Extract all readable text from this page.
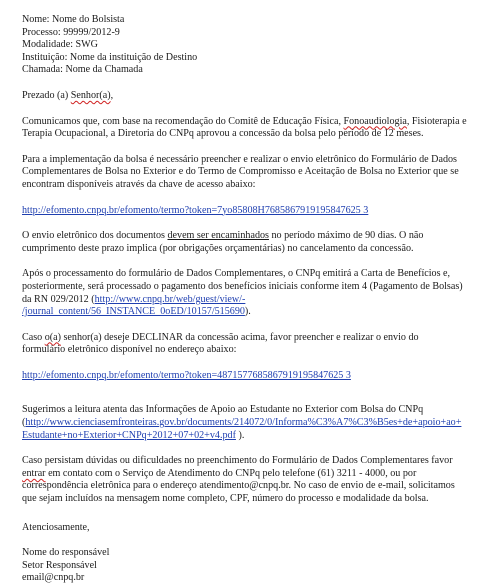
Nome: Nome do Bolsista
Processo: 99999/2012-9
Modalidade: SWG
Instituição: Nome da instituição de Destino
Chamada: Nome da Chamada
Prezado (a) Senhor(a),
Comunicamos que, com base na recomendação do Comitê de Educação Física, Fonoaudiologia, Fisioterapia e
Terapia Ocupacional, a Diretoria do CNPq aprovou a concessão da bolsa pelo período de 12 meses.
Para a implementação da bolsa é necessário preencher e realizar o envio eletrônico do Formulário de Dados
Complementares de Bolsa no Exterior e do Termo de Compromisso e Aceitação de Bolsa no Exterior que se
encontram disponíveis através da chave de acesso abaixo:
http://efomento.cnpq.br/efomento/termo?token=7yo85808H7685867919195847625 3
O envio eletrônico dos documentos devem ser encaminhados no período máximo de 90 dias. O não
cumprimento deste prazo implica (por obrigações orçamentárias) no cancelamento da concessão.
Após o processamento do formulário de Dados Complementares, o CNPq emitirá a Carta de Benefícios e,
posteriormente, será processado o pagamento dos benefícios iniciais conforme item 4 (Pagamento de Bolsas)
da RN 029/2012 (http://www.cnpq.br/web/guest/view/-
/journal_content/56_INSTANCE_0oED/10157/515690).
Caso o(a) senhor(a) deseje DECLINAR da concessão acima, favor preencher e realizar o envio do
formulário eletrônico disponível no endereço abaixo:
http://efomento.cnpq.br/efomento/termo?token=4871577685867919195847625 3
Sugerimos a leitura atenta das Informações de Apoio ao Estudante no Exterior com Bolsa do CNPq
(http://www.cienciasemfronteiras.gov.br/documents/214072/0/Informa%C3%A7%C3%B5es+de+apoio+ao+
Estudante+no+Exterior+CNPq+2012+07+02+v4.pdf ).
Caso persistam dúvidas ou dificuldades no preenchimento do Formulário de Dados Complementares favor
entrar em contato com o Serviço de Atendimento do CNPq pelo telefone (61) 3211 - 4000, ou por
correspondência eletrônica para o endereço atendimento@cnpq.br. No caso de envio de e-mail, solicitamos
que sejam incluídos na mensagem nome completo, CPF, número do processo e modalidade da bolsa.
Atenciosamente,
Nome do responsável
Setor Responsável
email@cnpq.br
